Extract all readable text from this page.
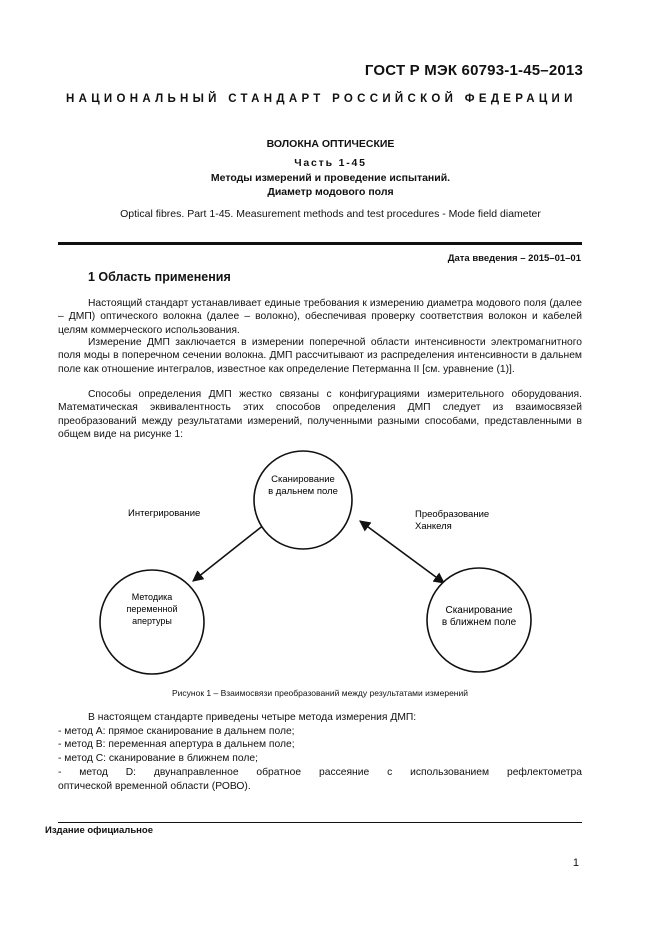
ГОСТ Р МЭК 60793-1-45–2013
НАЦИОНАЛЬНЫЙ СТАНДАРТ РОССИЙСКОЙ ФЕДЕРАЦИИ
ВОЛОКНА ОПТИЧЕСКИЕ
Часть 1-45
Методы измерений и проведение испытаний.
Диаметр модового поля
Optical fibres. Part 1-45. Measurement methods and test procedures - Mode field diameter
Дата введения – 2015–01–01
1 Область применения
Настоящий стандарт устанавливает единые требования к измерению диаметра модового поля (далее – ДМП) оптического волокна (далее – волокно), обеспечивая проверку соответствия волокон и кабелей целям коммерческого использования.
Измерение ДМП заключается в измерении поперечной области интенсивности электромагнитного поля моды в поперечном сечении волокна. ДМП рассчитывают из распределения интенсивности в дальнем поле как отношение интегралов, известное как определение Петерманна II [см. уравнение (1)].
Способы определения ДМП жестко связаны с конфигурациями измерительного оборудования. Математическая эквивалентность этих способов определения ДМП следует из взаимосвязей преобразований между результатами измерений, полученными разными способами, представленными в общем виде на рисунке 1:
Сканирование
в дальнем поле
Методика
переменной
апертуры
Сканирование
в ближнем поле
Интегрирование	Преобразование
Ханкеля
Рисунок 1 – Взаимосвязи преобразований между результатами измерений
В настоящем стандарте приведены четыре метода измерения ДМП:
- метод А: прямое сканирование в дальнем поле;
- метод В: переменная апертура в дальнем поле;
- метод С: сканирование в ближнем поле;
- метод D: двунаправленное обратное рассеяние с использованием рефлектометра
оптической временной области (РОВО).
Издание официальное
1
